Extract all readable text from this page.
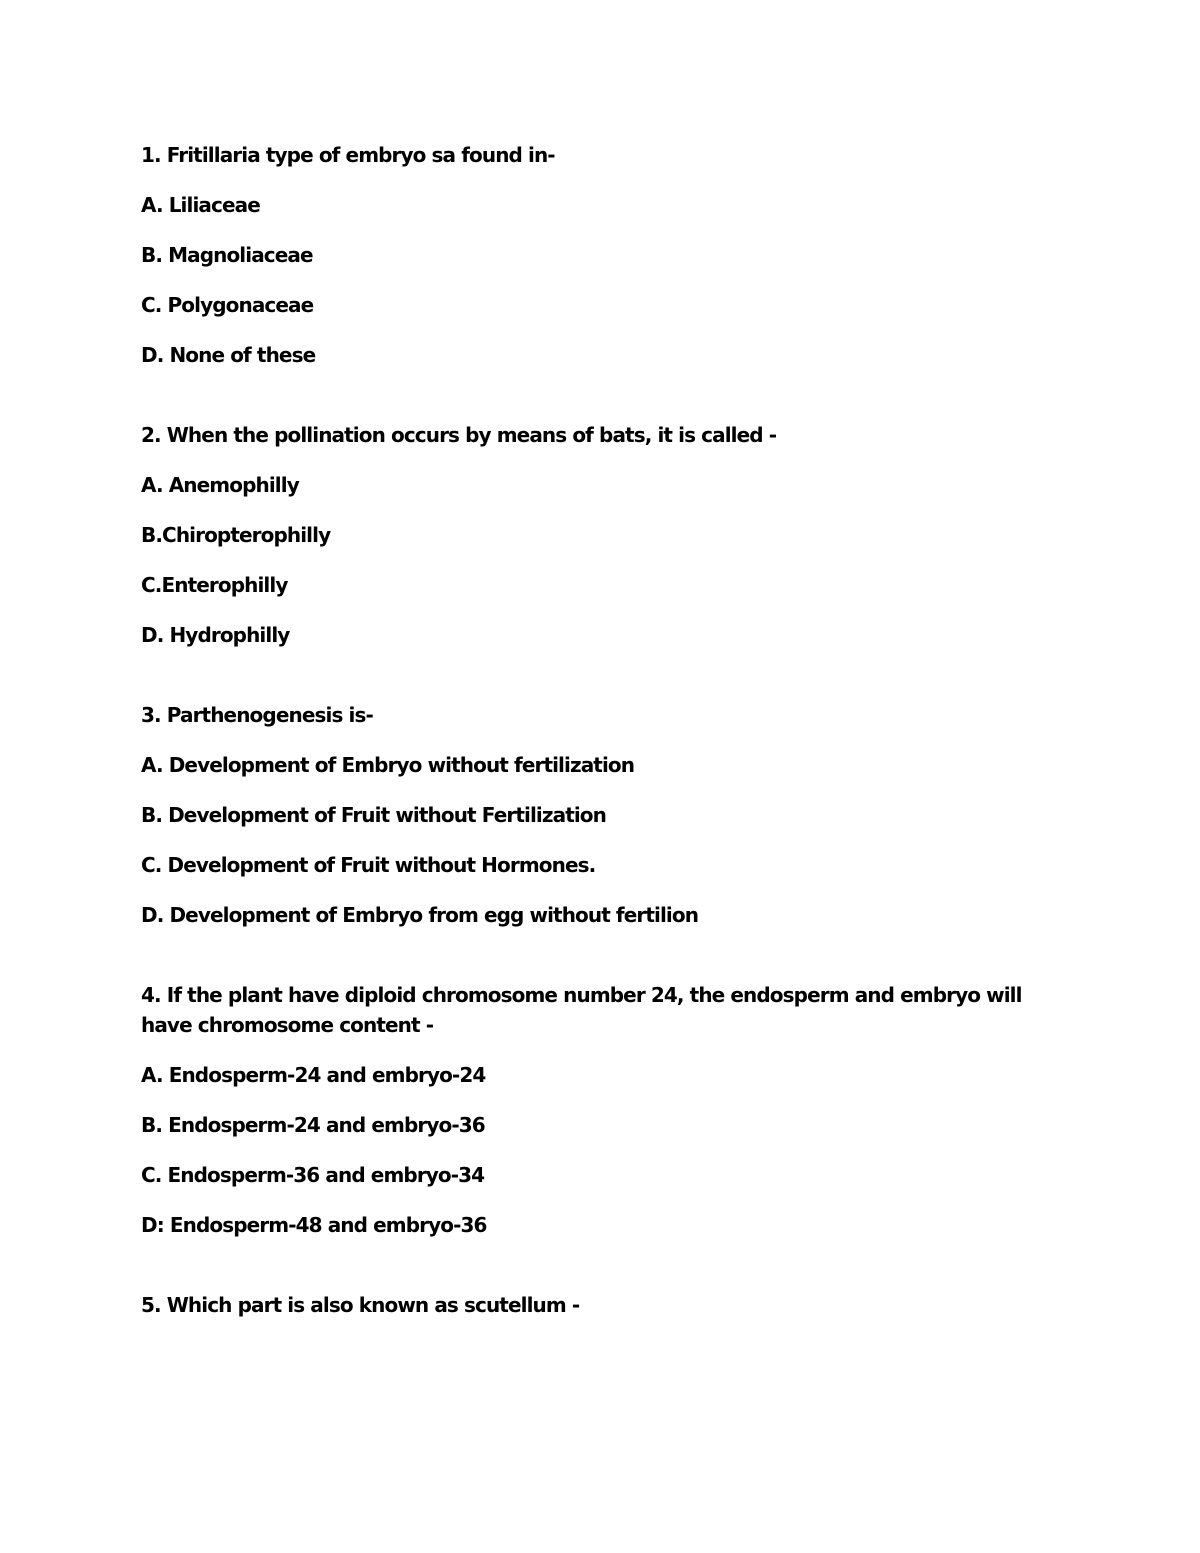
1. Fritillaria type of embryo sa found in-
A. Liliaceae
B. Magnoliaceae
C. Polygonaceae
D. None of these
2. When the pollination occurs by means of bats, it is called -
A. Anemophilly
B.Chiropterophilly
C.Enterophilly
D. Hydrophilly
3. Parthenogenesis is-
A. Development of Embryo without fertilization
B. Development of Fruit without Fertilization
C. Development of Fruit without Hormones.
D. Development of Embryo from egg without fertilion
4. If the plant have diploid chromosome number 24, the endosperm and embryo will have chromosome content -
A. Endosperm-24 and embryo-24
B. Endosperm-24 and embryo-36
C. Endosperm-36 and embryo-34
D: Endosperm-48 and embryo-36
5. Which part is also known as scutellum -
